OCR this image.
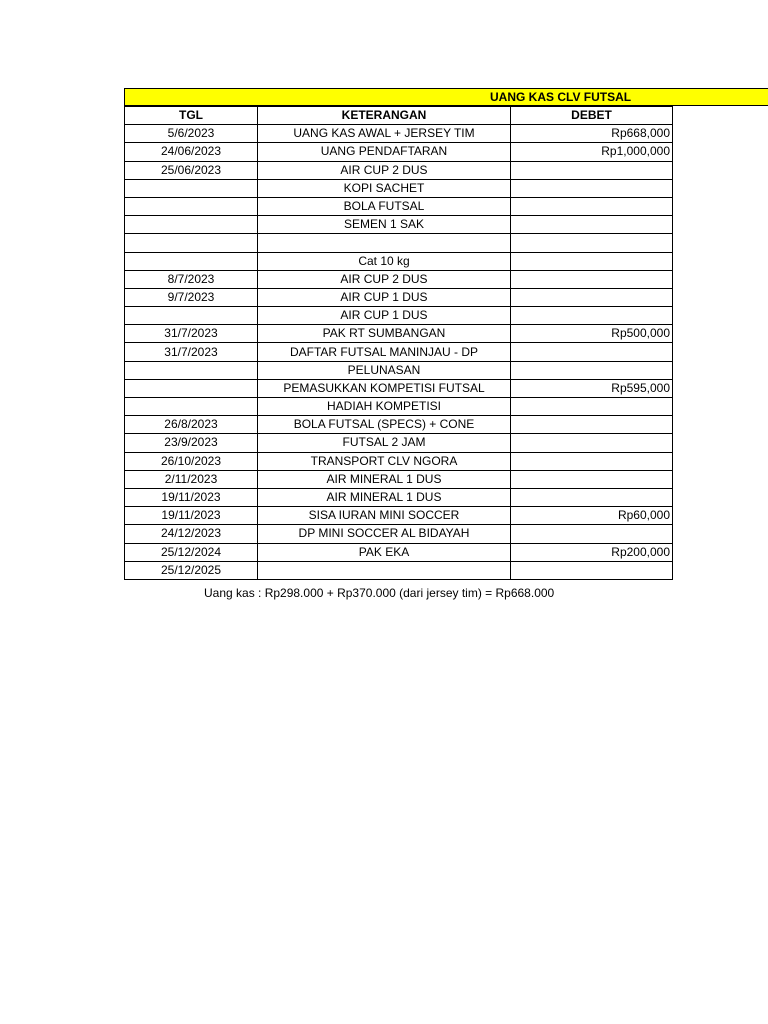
UANG KAS CLV FUTSAL
TGL	KETERANGAN	DEBET
5/6/2023	UANG KAS AWAL + JERSEY TIM	Rp668,000
24/06/2023	UANG PENDAFTARAN	Rp1,000,000
25/06/2023	AIR CUP 2 DUS	
	KOPI SACHET	
	BOLA FUTSAL	
	SEMEN 1 SAK	

	Cat 10 kg	
8/7/2023	AIR CUP 2 DUS	
9/7/2023	AIR CUP 1 DUS	
	AIR CUP 1 DUS	
31/7/2023	PAK RT SUMBANGAN	Rp500,000
31/7/2023	DAFTAR FUTSAL MANINJAU - DP	
	PELUNASAN	
	PEMASUKKAN KOMPETISI FUTSAL	Rp595,000
	HADIAH KOMPETISI	
26/8/2023	BOLA FUTSAL (SPECS) + CONE	
23/9/2023	FUTSAL 2 JAM	
26/10/2023	TRANSPORT CLV NGORA	
2/11/2023	AIR MINERAL 1 DUS	
19/11/2023	AIR MINERAL 1 DUS	
19/11/2023	SISA IURAN MINI SOCCER	Rp60,000
24/12/2023	DP MINI SOCCER AL BIDAYAH	
25/12/2024	PAK EKA	Rp200,000
25/12/2025		
Uang kas : Rp298.000 + Rp370.000 (dari jersey tim) = Rp668.000
